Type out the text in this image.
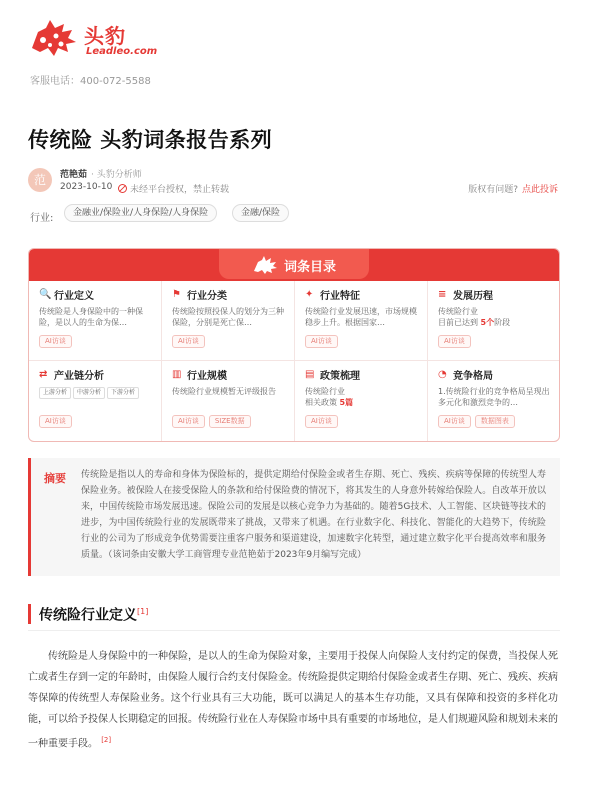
头豹
Leadleo.com
客服电话：400-072-5588
传统险 头豹词条报告系列
范	范艳茹 · 头豹分析师
2023-10-10	未经平台授权，禁止转载	版权有问题? 点此投诉
行业:	金融业/保险业/人身保险/人身保险	金融/保险
词条目录
🔍 行业定义
传统险是人身保险中的一种保险，是以人的生命为保…
AI访谈
⚑ 行业分类
传统险按照投保人的划分为三种保险，分别是死亡保…
AI访谈
✦ 行业特征
传统险行业发展迅速，市场规模稳步上升。根据国家…
AI访谈
≡ 发展历程
传统险行业
目前已达到 5个阶段
AI访谈
⇄ 产业链分析
上游分析 中游分析 下游分析
AI访谈
▥ 行业规模
传统险行业规模暂无评级报告
AI访谈 SIZE数据
▤ 政策梳理
传统险行业
相关政策 5篇
AI访谈
◔ 竞争格局
1.传统险行业的竞争格局呈现出多元化和激烈竞争的…
AI访谈 数据图表
摘要 传统险是指以人的寿命和身体为保险标的，提供定期给付保险金或者生存期、死亡、残疾、疾病等保障的传统型人寿保险业务。被保险人在接受保险人的条款和给付保险费的情况下，将其发生的人身意外转嫁给保险人。自改革开放以来，中国传统险市场发展迅速。保险公司的发展是以核心竞争力为基础的。随着5G技术、人工智能、区块链等技术的进步，为中国传统险行业的发展既带来了挑战，又带来了机遇。在行业数字化、科技化、智能化的大趋势下，传统险行业的公司为了形成竞争优势需要注重客户服务和渠道建设，加速数字化转型，通过建立数字化平台提高效率和服务质量。（该词条由安徽大学工商管理专业范艳茹于2023年9月编写完成）

传统险行业定义[1]
传统险是人身保险中的一种保险，是以人的生命为保险对象，主要用于投保人向保险人支付约定的保费，当投保人死亡或者生存到一定的年龄时，由保险人履行合约支付保险金。传统险提供定期给付保险金或者生存期、死亡、残疾、疾病等保障的传统型人寿保险业务。这个行业具有三大功能，既可以满足人的基本生存功能，又具有保障和投资的多样化功能，可以给予投保人长期稳定的回报。传统险行业在人寿保险市场中具有重要的市场地位，是人们规避风险和规划未来的一种重要手段。 [2]
